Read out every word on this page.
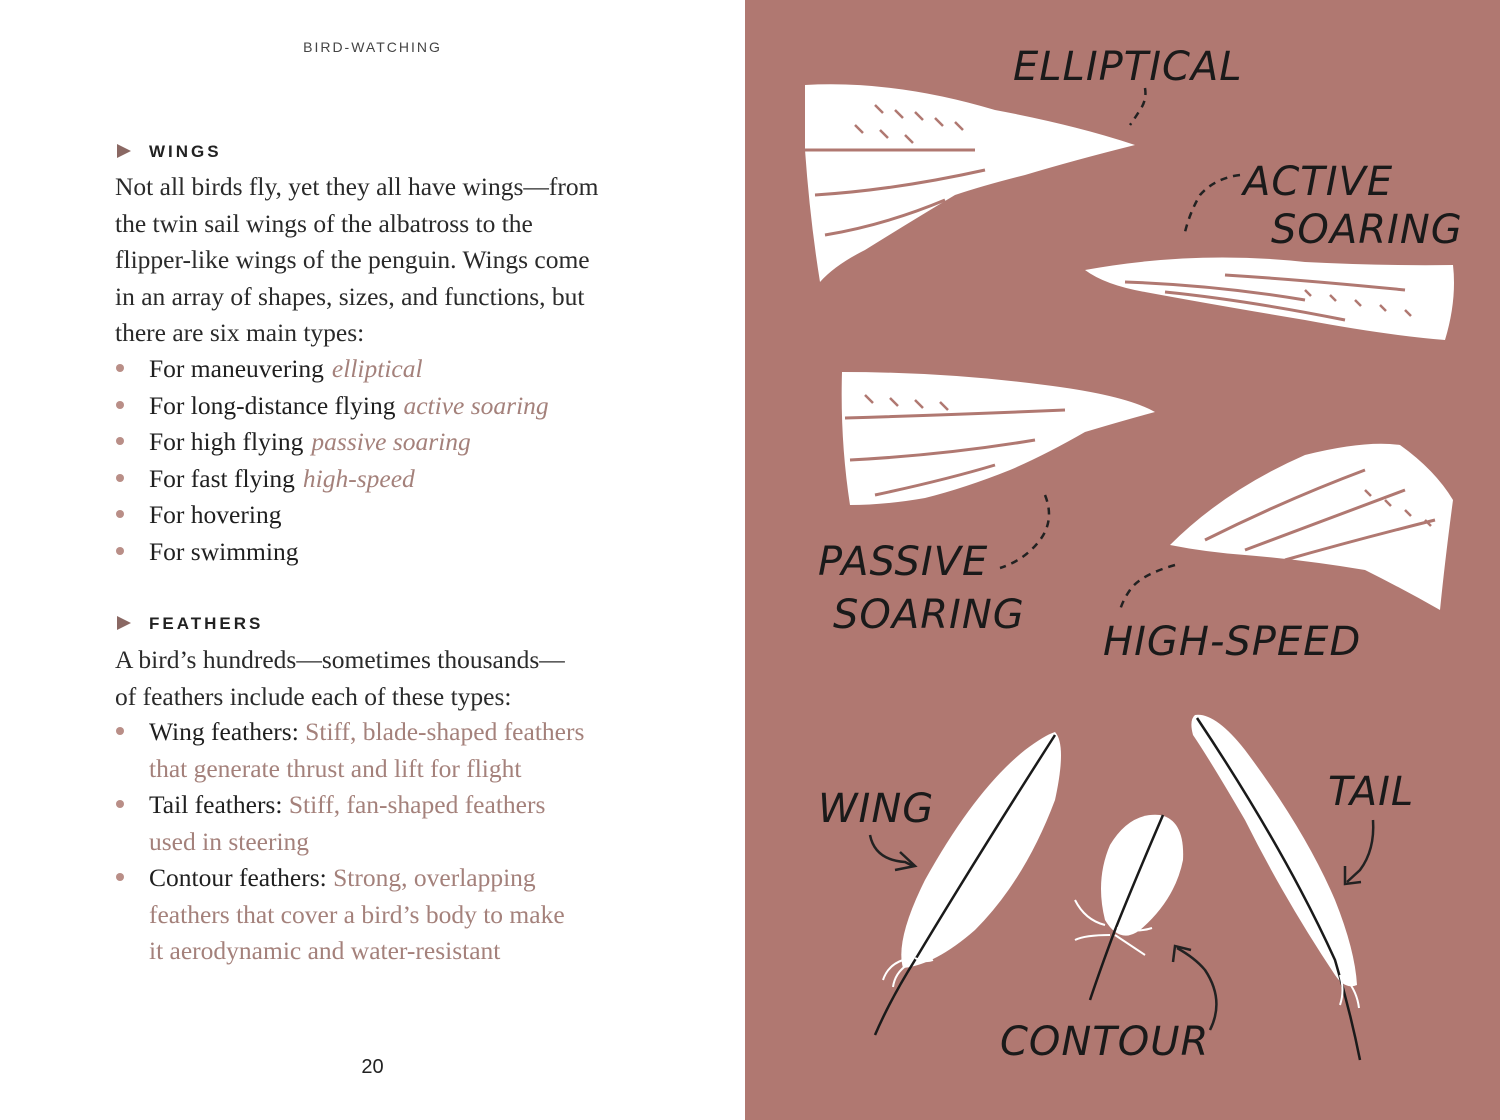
BIRD-WATCHING
WINGS

Not all birds fly, yet they all have wings—from
the twin sail wings of the albatross to the
flipper-like wings of the penguin. Wings come
in an array of shapes, sizes, and functions, but
there are six main types:

For maneuvering elliptical
For long-distance flying active soaring
For high flying passive soaring
For fast flying high-speed
For hovering
For swimming
FEATHERS

A bird’s hundreds—sometimes thousands—
of feathers include each of these types:

Wing feathers: Stiff, blade-shaped feathers
that generate thrust and lift for flight
Tail feathers: Stiff, fan-shaped feathers
used in steering
Contour feathers: Strong, overlapping
feathers that cover a bird’s body to make
it aerodynamic and water-resistant
20
ELLIPTICAL
ACTIVE
SOARING
PASSIVE
SOARING
HIGH-SPEED
WING	TAIL
CONTOUR
